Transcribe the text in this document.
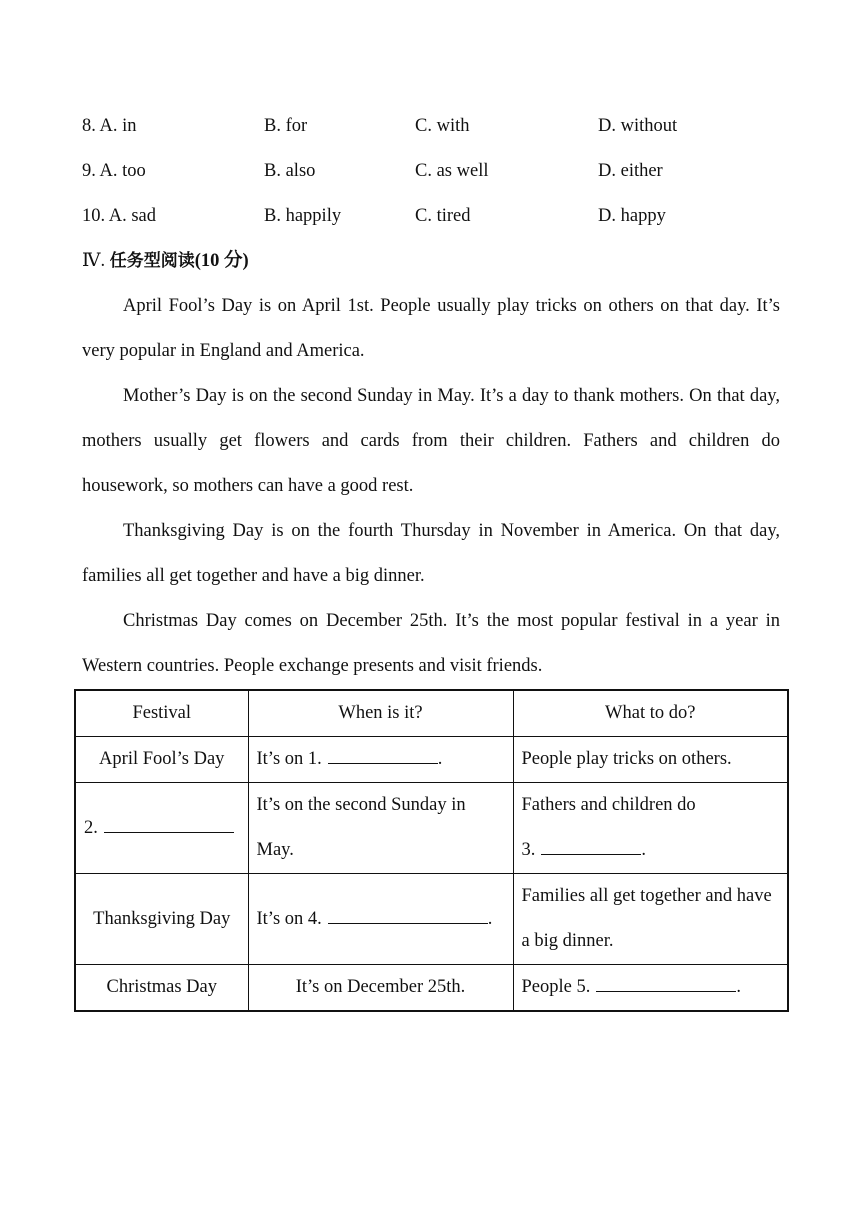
8. A. in	B. for	C. with	D. without
9. A. too	B. also	C. as well	D. either
10. A. sad	B. happily	C. tired	D. happy
Ⅳ. 任务型阅读(10 分)

April Fool’s Day is on April 1st. People usually play tricks on others on that day. It’s very popular in England and America.

Mother’s Day is on the second Sunday in May. It’s a day to thank mothers. On that day, mothers usually get flowers and cards from their children. Fathers and children do housework, so mothers can have a good rest.

Thanksgiving Day is on the fourth Thursday in November in America. On that day, families all get together and have a big dinner.

Christmas Day comes on December 25th. It’s the most popular festival in a year in Western countries. People exchange presents and visit friends.

Festival	When is it?	What to do?
April Fool’s Day	It’s on 1. .	People play tricks on others.
2.	It’s on the second Sunday in May.	Fathers and children do
3. .
Thanksgiving Day	It’s on 4. .	Families all get together and have a big dinner.
Christmas Day	It’s on December 25th.	People 5. .
